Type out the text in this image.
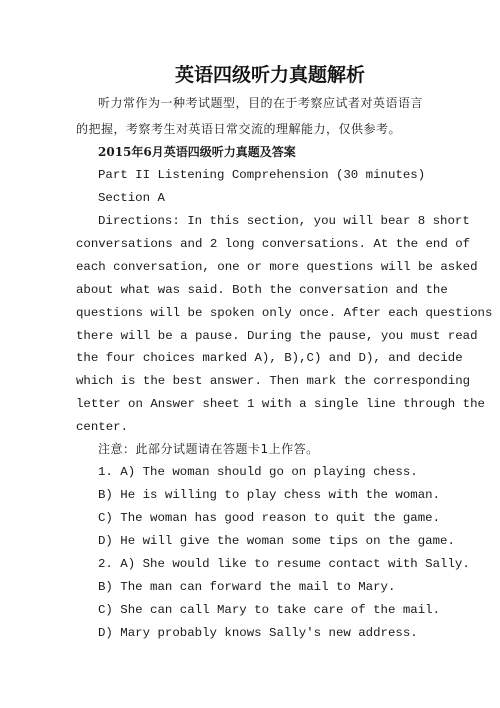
英语四级听力真题解析
听力常作为一种考试题型，目的在于考察应试者对英语语言
的把握，考察考生对英语日常交流的理解能力，仅供参考。
2015年6月英语四级听力真题及答案
Part II Listening Comprehension (30 minutes)
Section A
Directions: In this section, you will bear 8 short
conversations and 2 long conversations. At the end of
each conversation, one or more questions will be asked
about what was said. Both the conversation and the
questions will be spoken only once. After each questions
there will be a pause. During the pause, you must read
the four choices marked A), B),C) and D), and decide
which is the best answer. Then mark the corresponding
letter on Answer sheet 1 with a single line through the
center.
注意：此部分试题请在答题卡1上作答。
1. A) The woman should go on playing chess.
B) He is willing to play chess with the woman.
C) The woman has good reason to quit the game.
D) He will give the woman some tips on the game.
2. A) She would like to resume contact with Sally.
B) The man can forward the mail to Mary.
C) She can call Mary to take care of the mail.
D) Mary probably knows Sally's new address.
